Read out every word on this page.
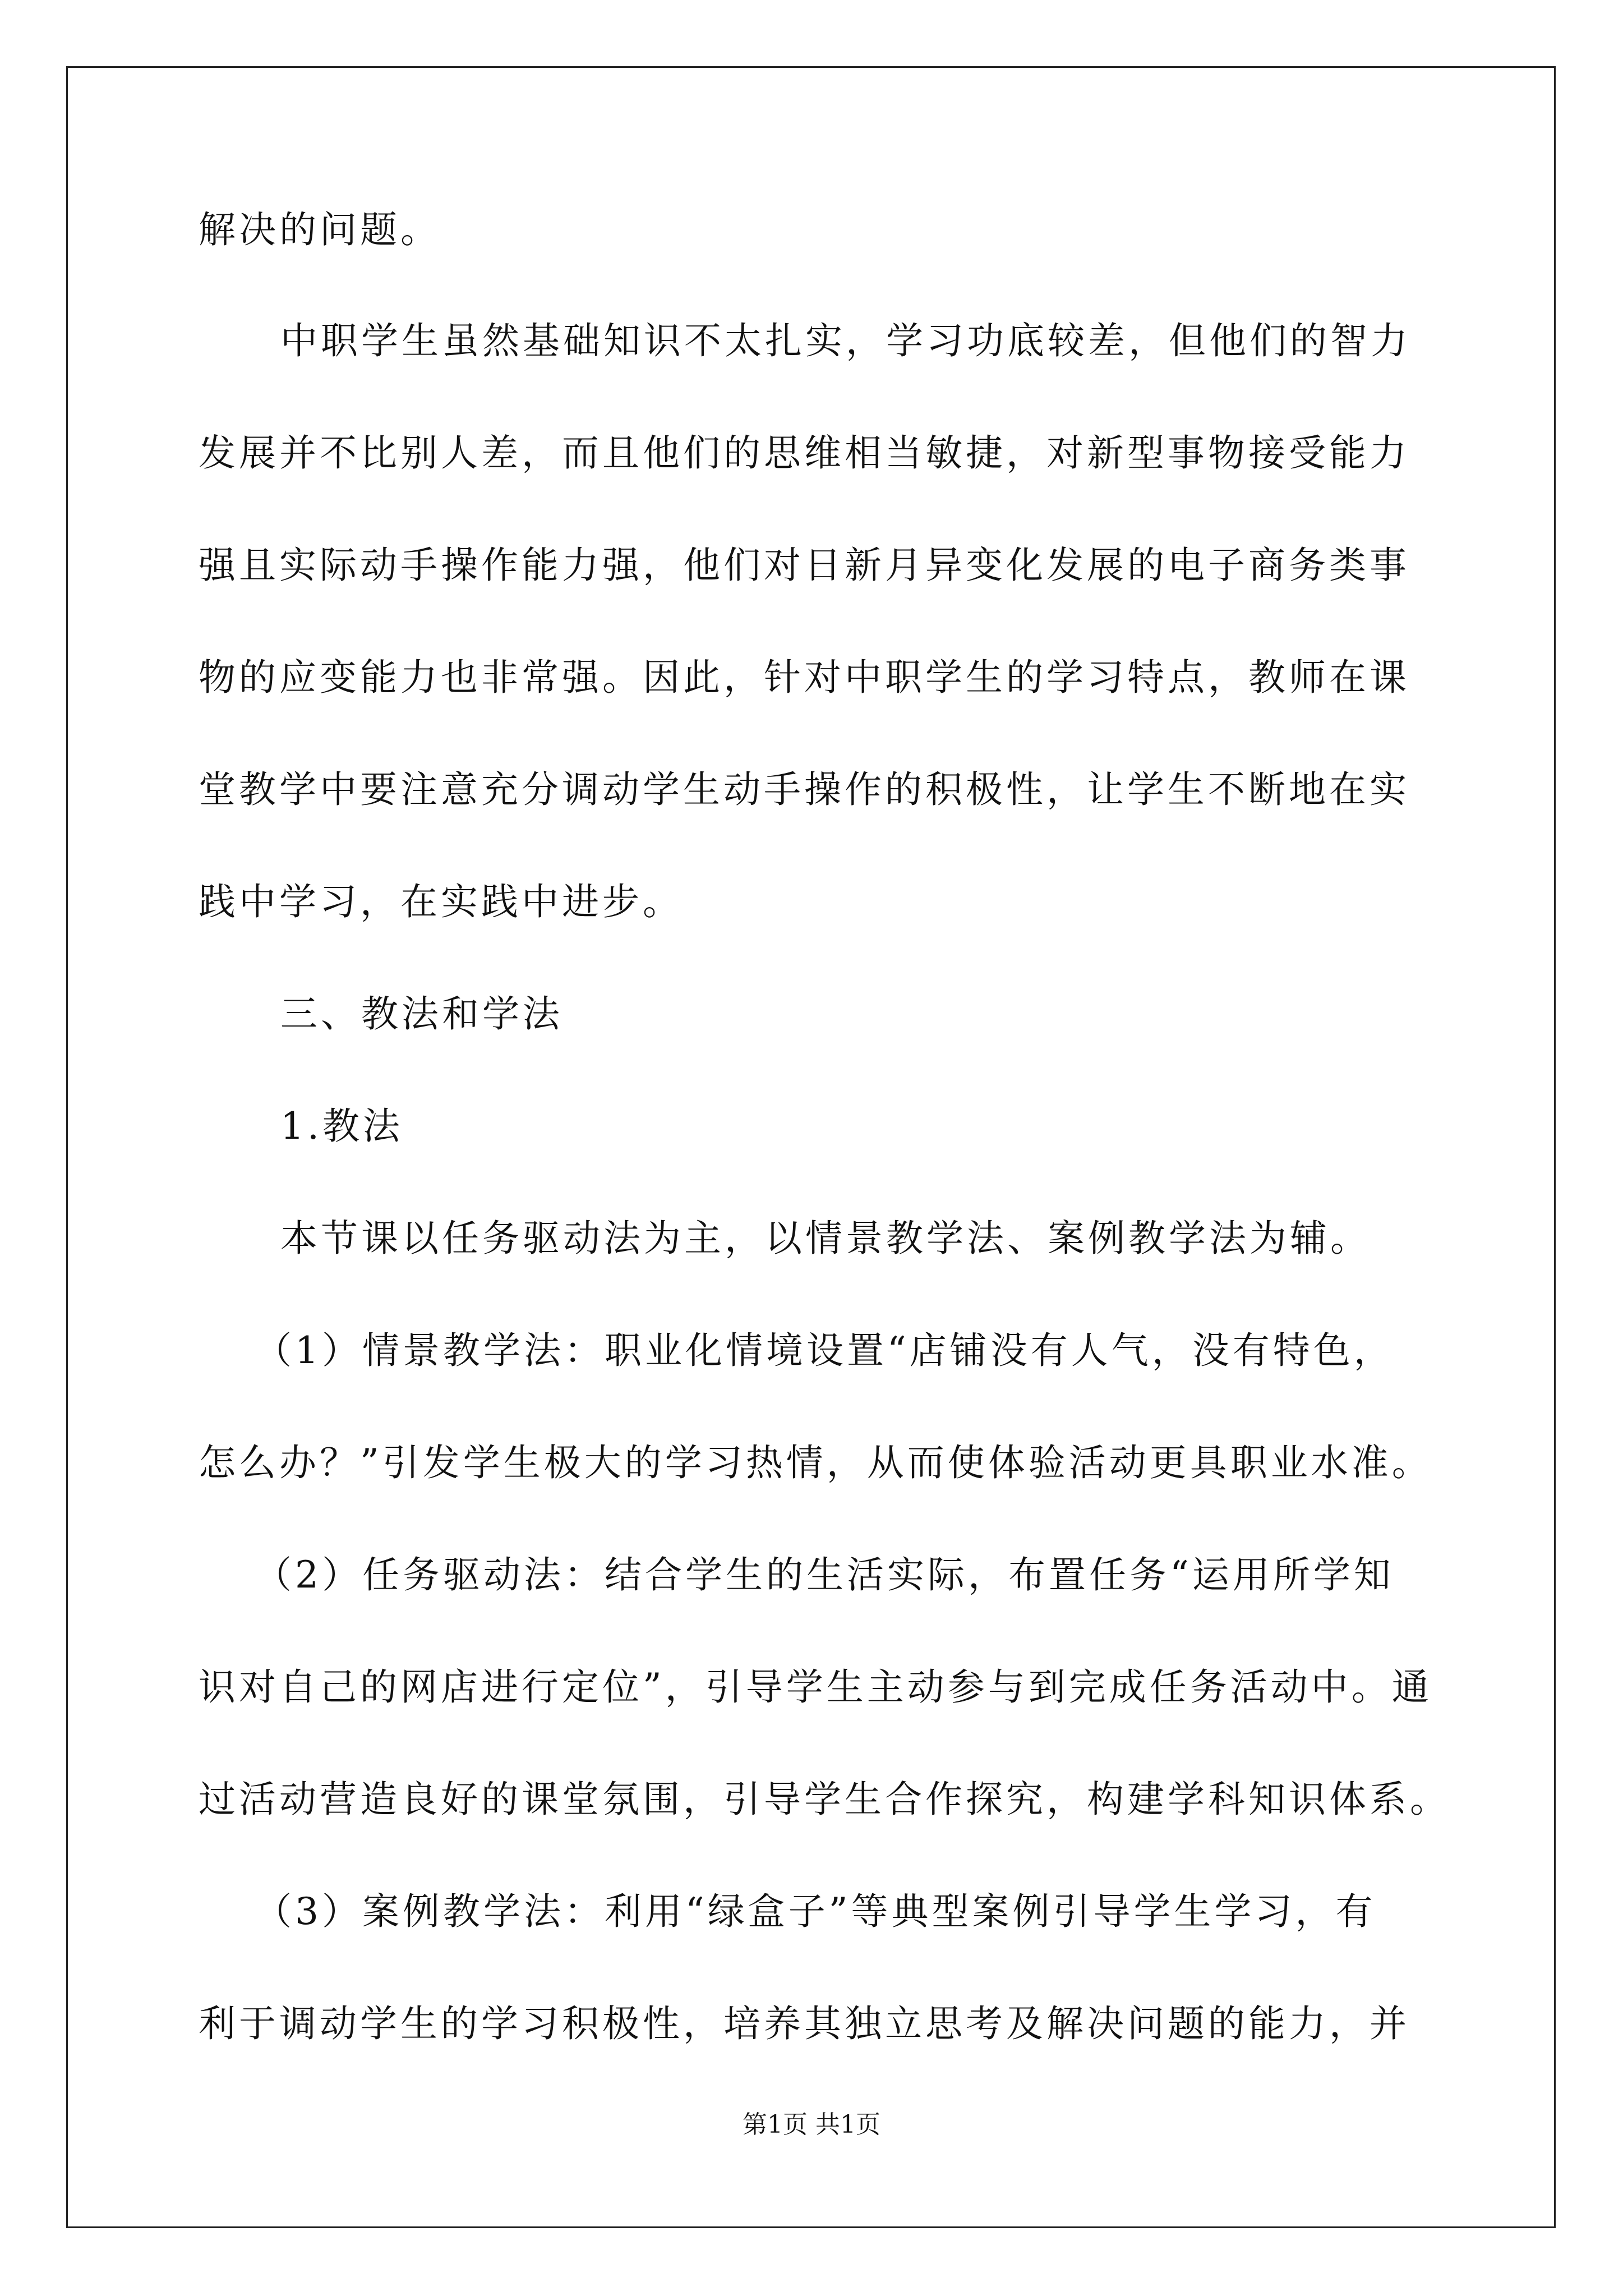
解决的问题。
中职学生虽然基础知识不太扎实，学习功底较差，但他们的智力
发展并不比别人差，而且他们的思维相当敏捷，对新型事物接受能力
强且实际动手操作能力强，他们对日新月异变化发展的电子商务类事
物的应变能力也非常强。因此，针对中职学生的学习特点，教师在课
堂教学中要注意充分调动学生动手操作的积极性，让学生不断地在实
践中学习，在实践中进步。
三、教法和学法
1.教法
本节课以任务驱动法为主，以情景教学法、案例教学法为辅。
（1）情景教学法：职业化情境设置“店铺没有人气，没有特色，
怎么办？”引发学生极大的学习热情，从而使体验活动更具职业水准。
（2）任务驱动法：结合学生的生活实际，布置任务“运用所学知
识对自己的网店进行定位”，引导学生主动参与到完成任务活动中。通
过活动营造良好的课堂氛围，引导学生合作探究，构建学科知识体系。
（3）案例教学法：利用“绿盒子”等典型案例引导学生学习，有
利于调动学生的学习积极性，培养其独立思考及解决问题的能力，并
第1页 共1页
